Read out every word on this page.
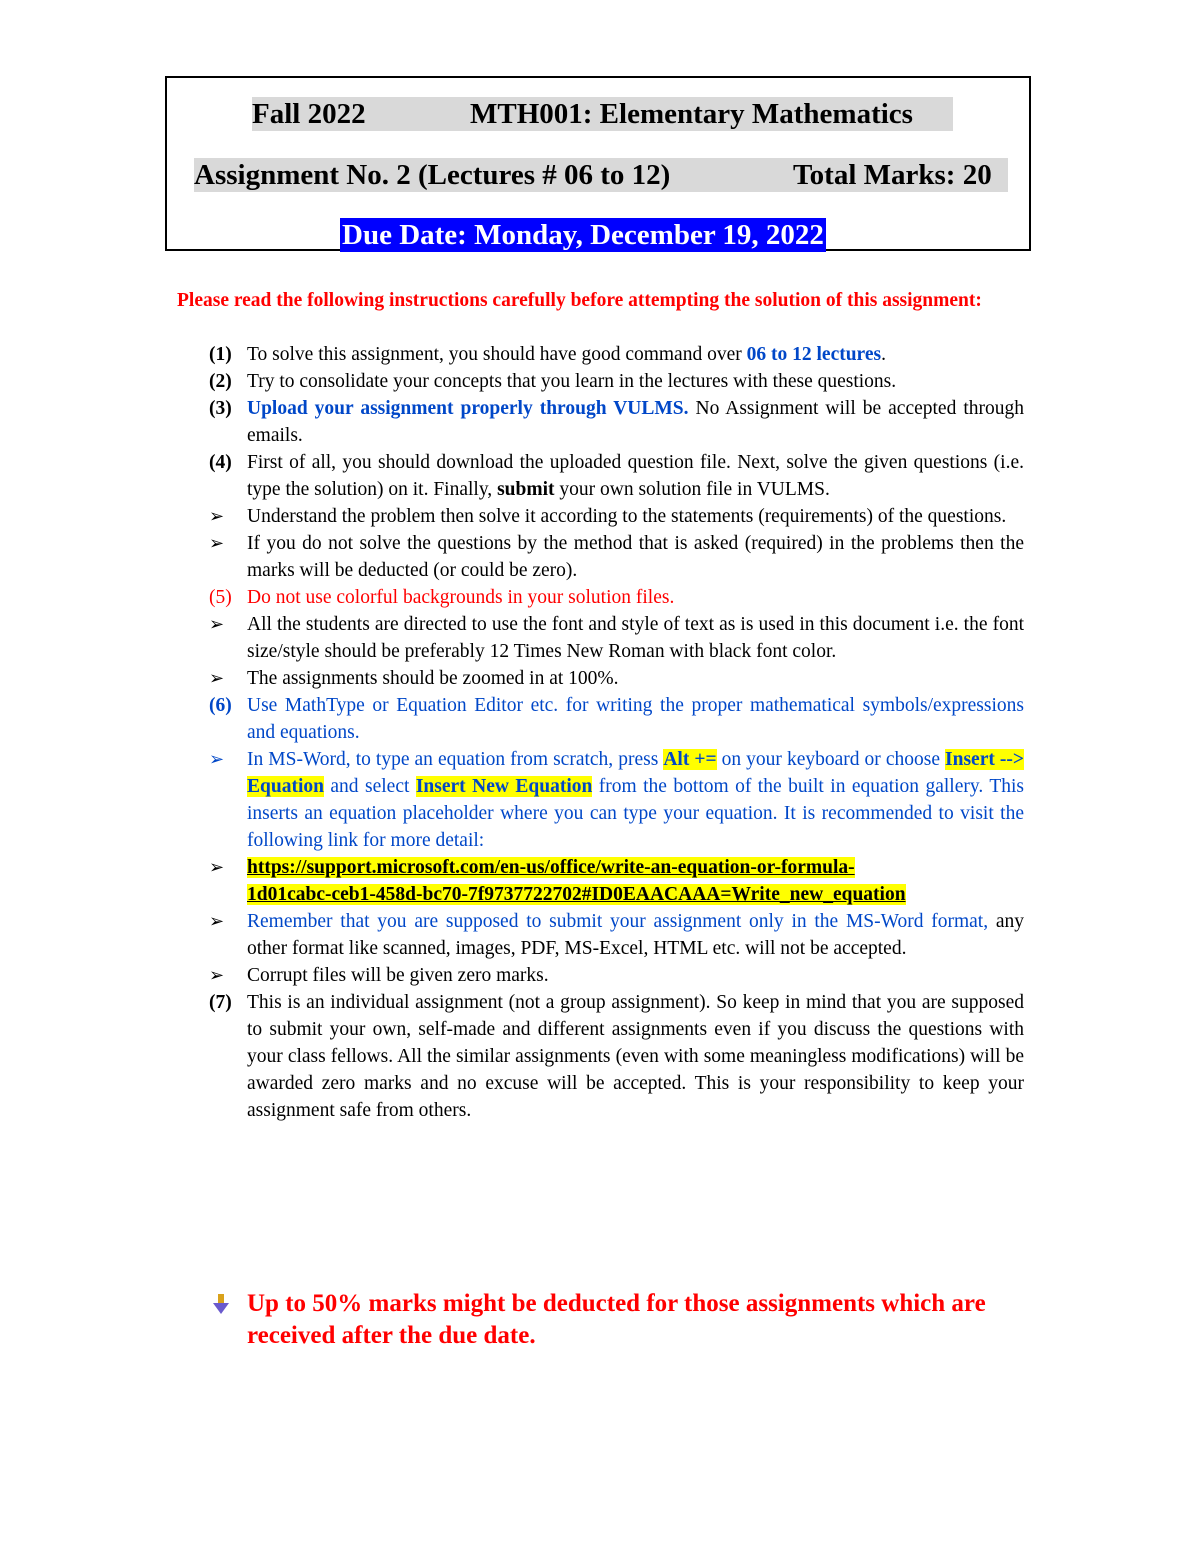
Fall 2022	MTH001: Elementary Mathematics
Assignment No. 2 (Lectures # 06 to 12)	Total Marks: 20
Due Date: Monday, December 19, 2022
Please read the following instructions carefully before attempting the solution of this assignment:
(1) To solve this assignment, you should have good command over 06 to 12 lectures.
(2) Try to consolidate your concepts that you learn in the lectures with these questions.
(3) Upload your assignment properly through VULMS. No Assignment will be accepted through emails.
(4) First of all, you should download the uploaded question file. Next, solve the given questions (i.e. type the solution) on it. Finally, submit your own solution file in VULMS.
➢ Understand the problem then solve it according to the statements (requirements) of the questions.
➢ If you do not solve the questions by the method that is asked (required) in the problems then the marks will be deducted (or could be zero).
(5) Do not use colorful backgrounds in your solution files.
➢ All the students are directed to use the font and style of text as is used in this document i.e. the font size/style should be preferably 12 Times New Roman with black font color.
➢ The assignments should be zoomed in at 100%.
(6) Use MathType or Equation Editor etc. for writing the proper mathematical symbols/expressions and equations.
➢ In MS-Word, to type an equation from scratch, press Alt += on your keyboard or choose Insert --> Equation and select Insert New Equation from the bottom of the built in equation gallery. This inserts an equation placeholder where you can type your equation. It is recommended to visit the following link for more detail:
➢ https://support.microsoft.com/en-us/office/write-an-equation-or-formula-
1d01cabc-ceb1-458d-bc70-7f9737722702#ID0EAACAAA=Write_new_equation
➢ Remember that you are supposed to submit your assignment only in the MS-Word format, any other format like scanned, images, PDF, MS-Excel, HTML etc. will not be accepted.
➢ Corrupt files will be given zero marks.
(7) This is an individual assignment (not a group assignment). So keep in mind that you are supposed to submit your own, self-made and different assignments even if you discuss the questions with your class fellows. All the similar assignments (even with some meaningless modifications) will be awarded zero marks and no excuse will be accepted. This is your responsibility to keep your assignment safe from others.
Up to 50% marks might be deducted for those assignments which are received after the due date.
